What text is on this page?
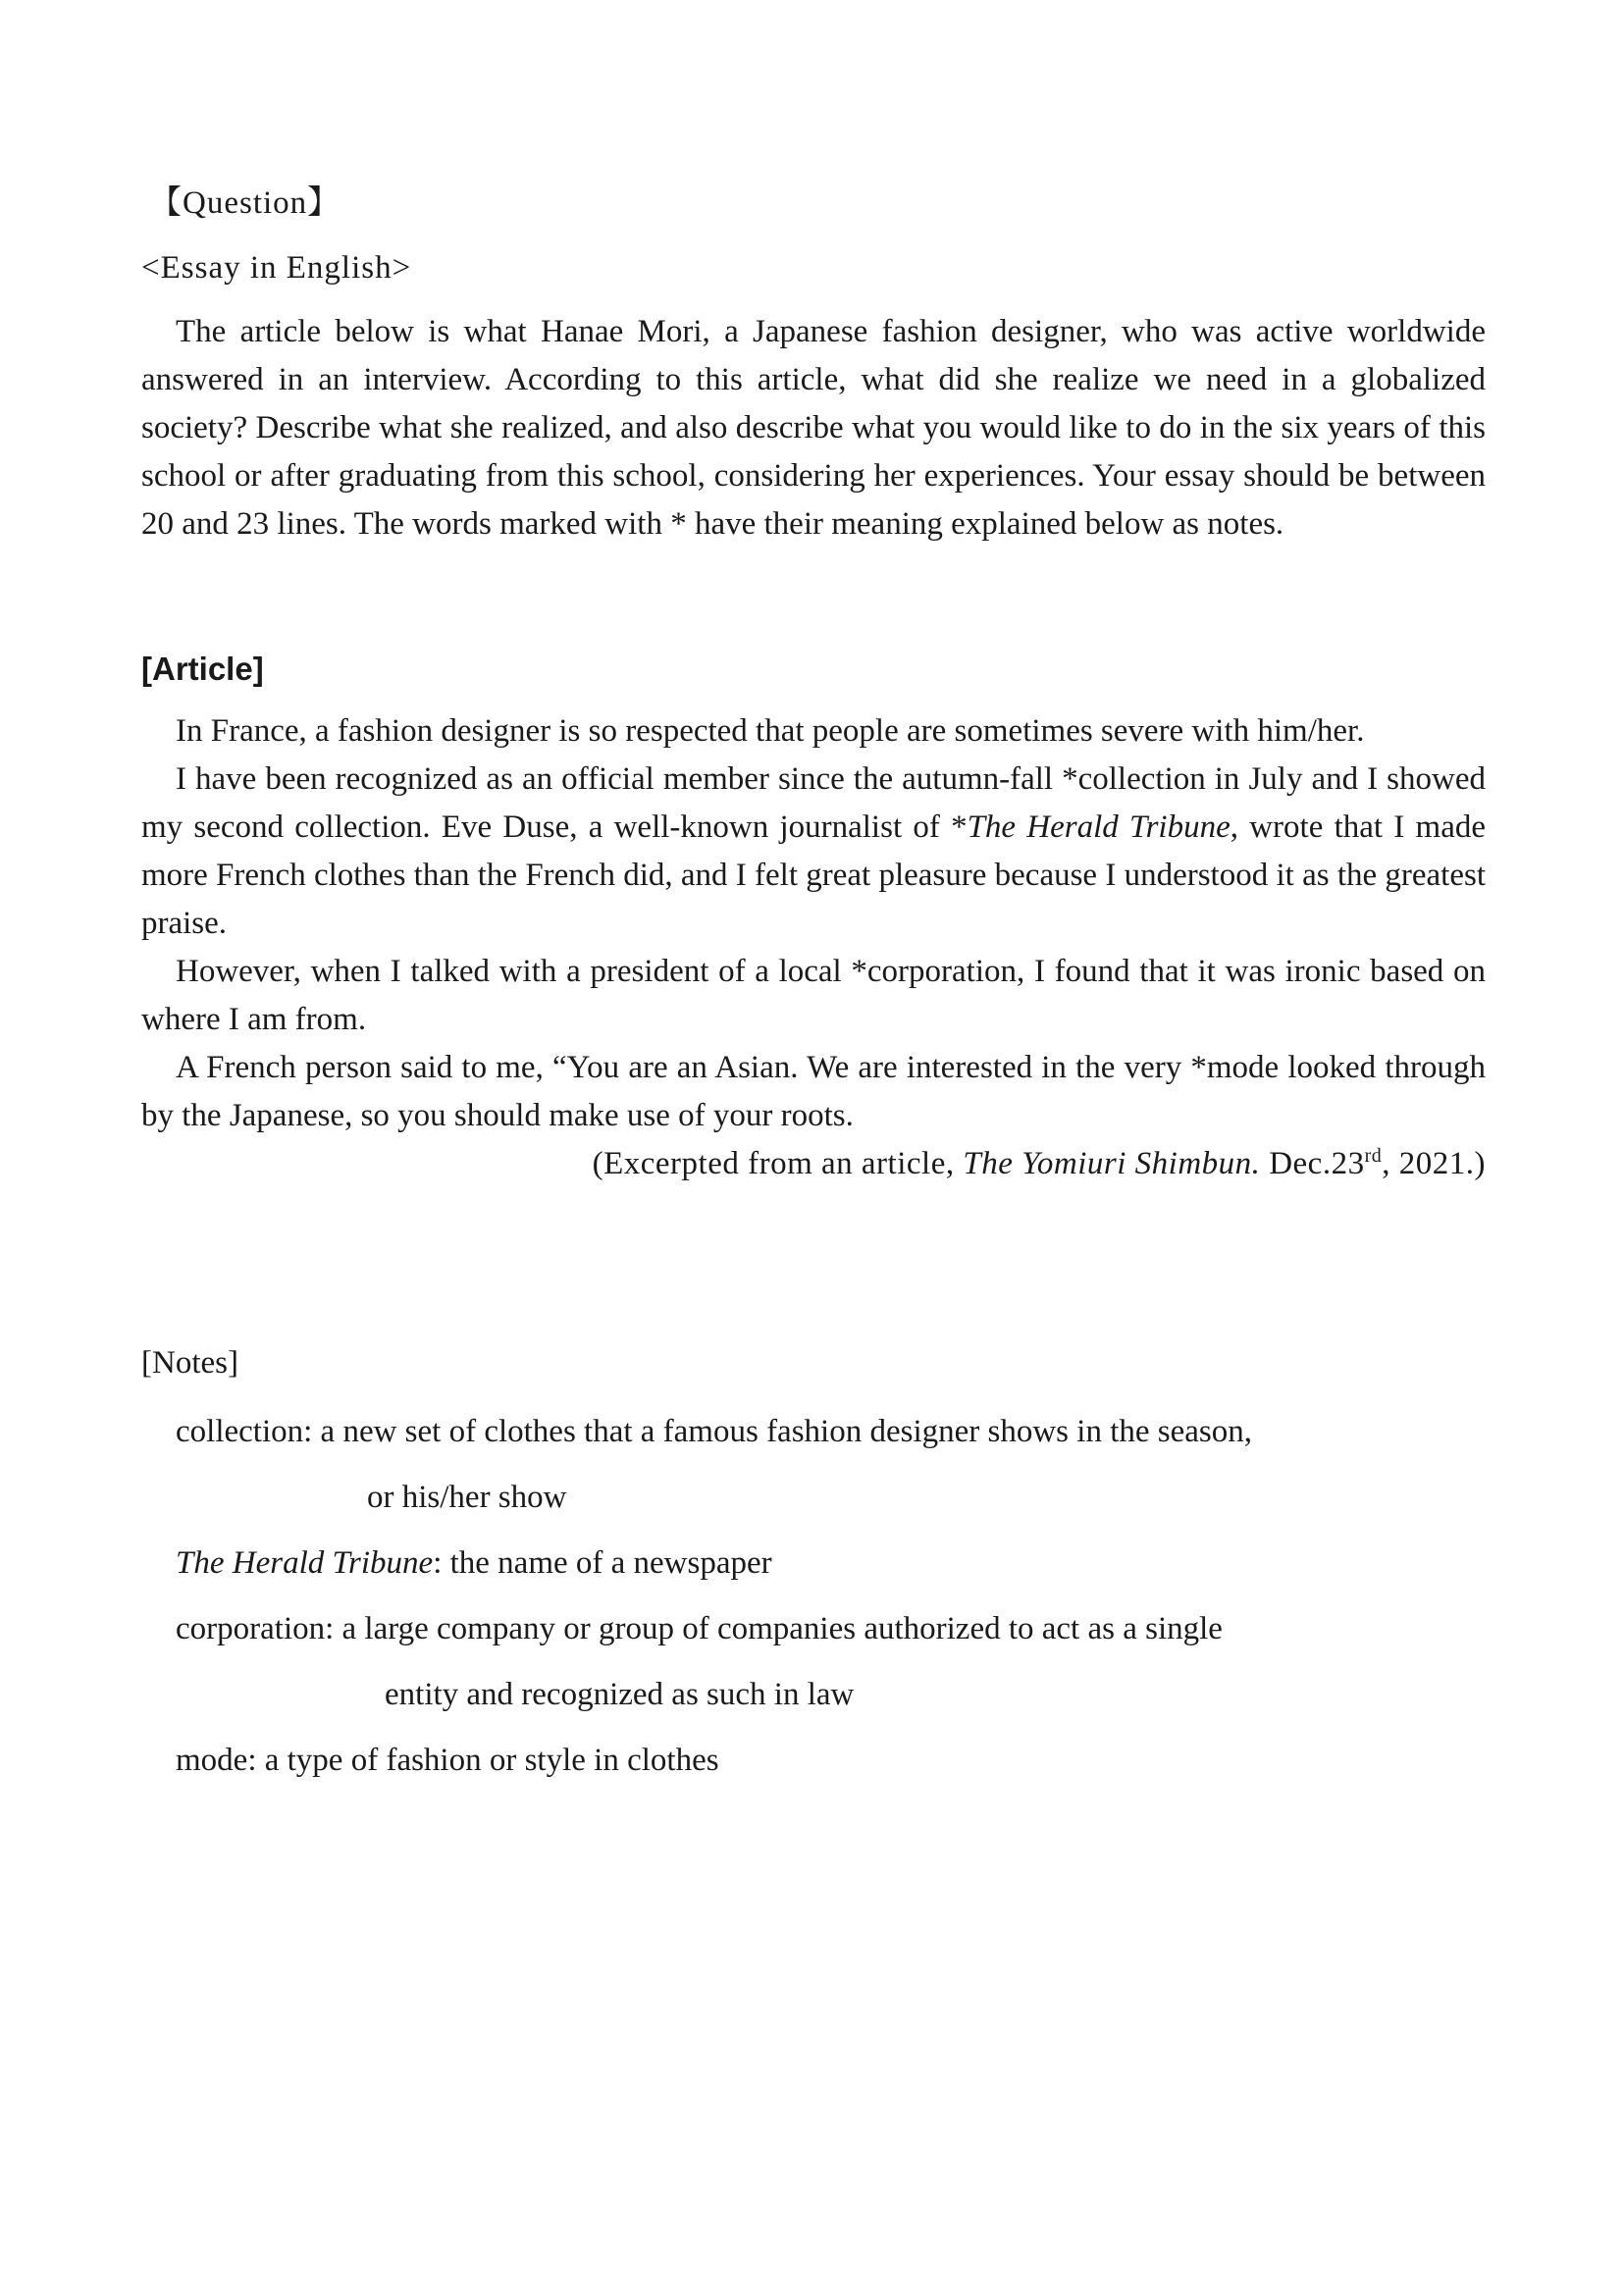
【Question】
<Essay in English>

The article below is what Hanae Mori, a Japanese fashion designer, who was active worldwide answered in an interview. According to this article, what did she realize we need in a globalized society? Describe what she realized, and also describe what you would like to do in the six years of this school or after graduating from this school, considering her experiences. Your essay should be between 20 and 23 lines. The words marked with * have their meaning explained below as notes.

[Article]

In France, a fashion designer is so respected that people are sometimes severe with him/her.

I have been recognized as an official member since the autumn-fall *collection in July and I showed my second collection. Eve Duse, a well-known journalist of *The Herald Tribune, wrote that I made more French clothes than the French did, and I felt great pleasure because I understood it as the greatest praise.

However, when I talked with a president of a local *corporation, I found that it was ironic based on where I am from.

A French person said to me, “You are an Asian. We are interested in the very *mode looked through by the Japanese, so you should make use of your roots.

(Excerpted from an article, The Yomiuri Shimbun. Dec.23rd, 2021.)

[Notes]
collection: a new set of clothes that a famous fashion designer shows in the season,
or his/her show
The Herald Tribune: the name of a newspaper
corporation: a large company or group of companies authorized to act as a single
entity and recognized as such in law
mode: a type of fashion or style in clothes
